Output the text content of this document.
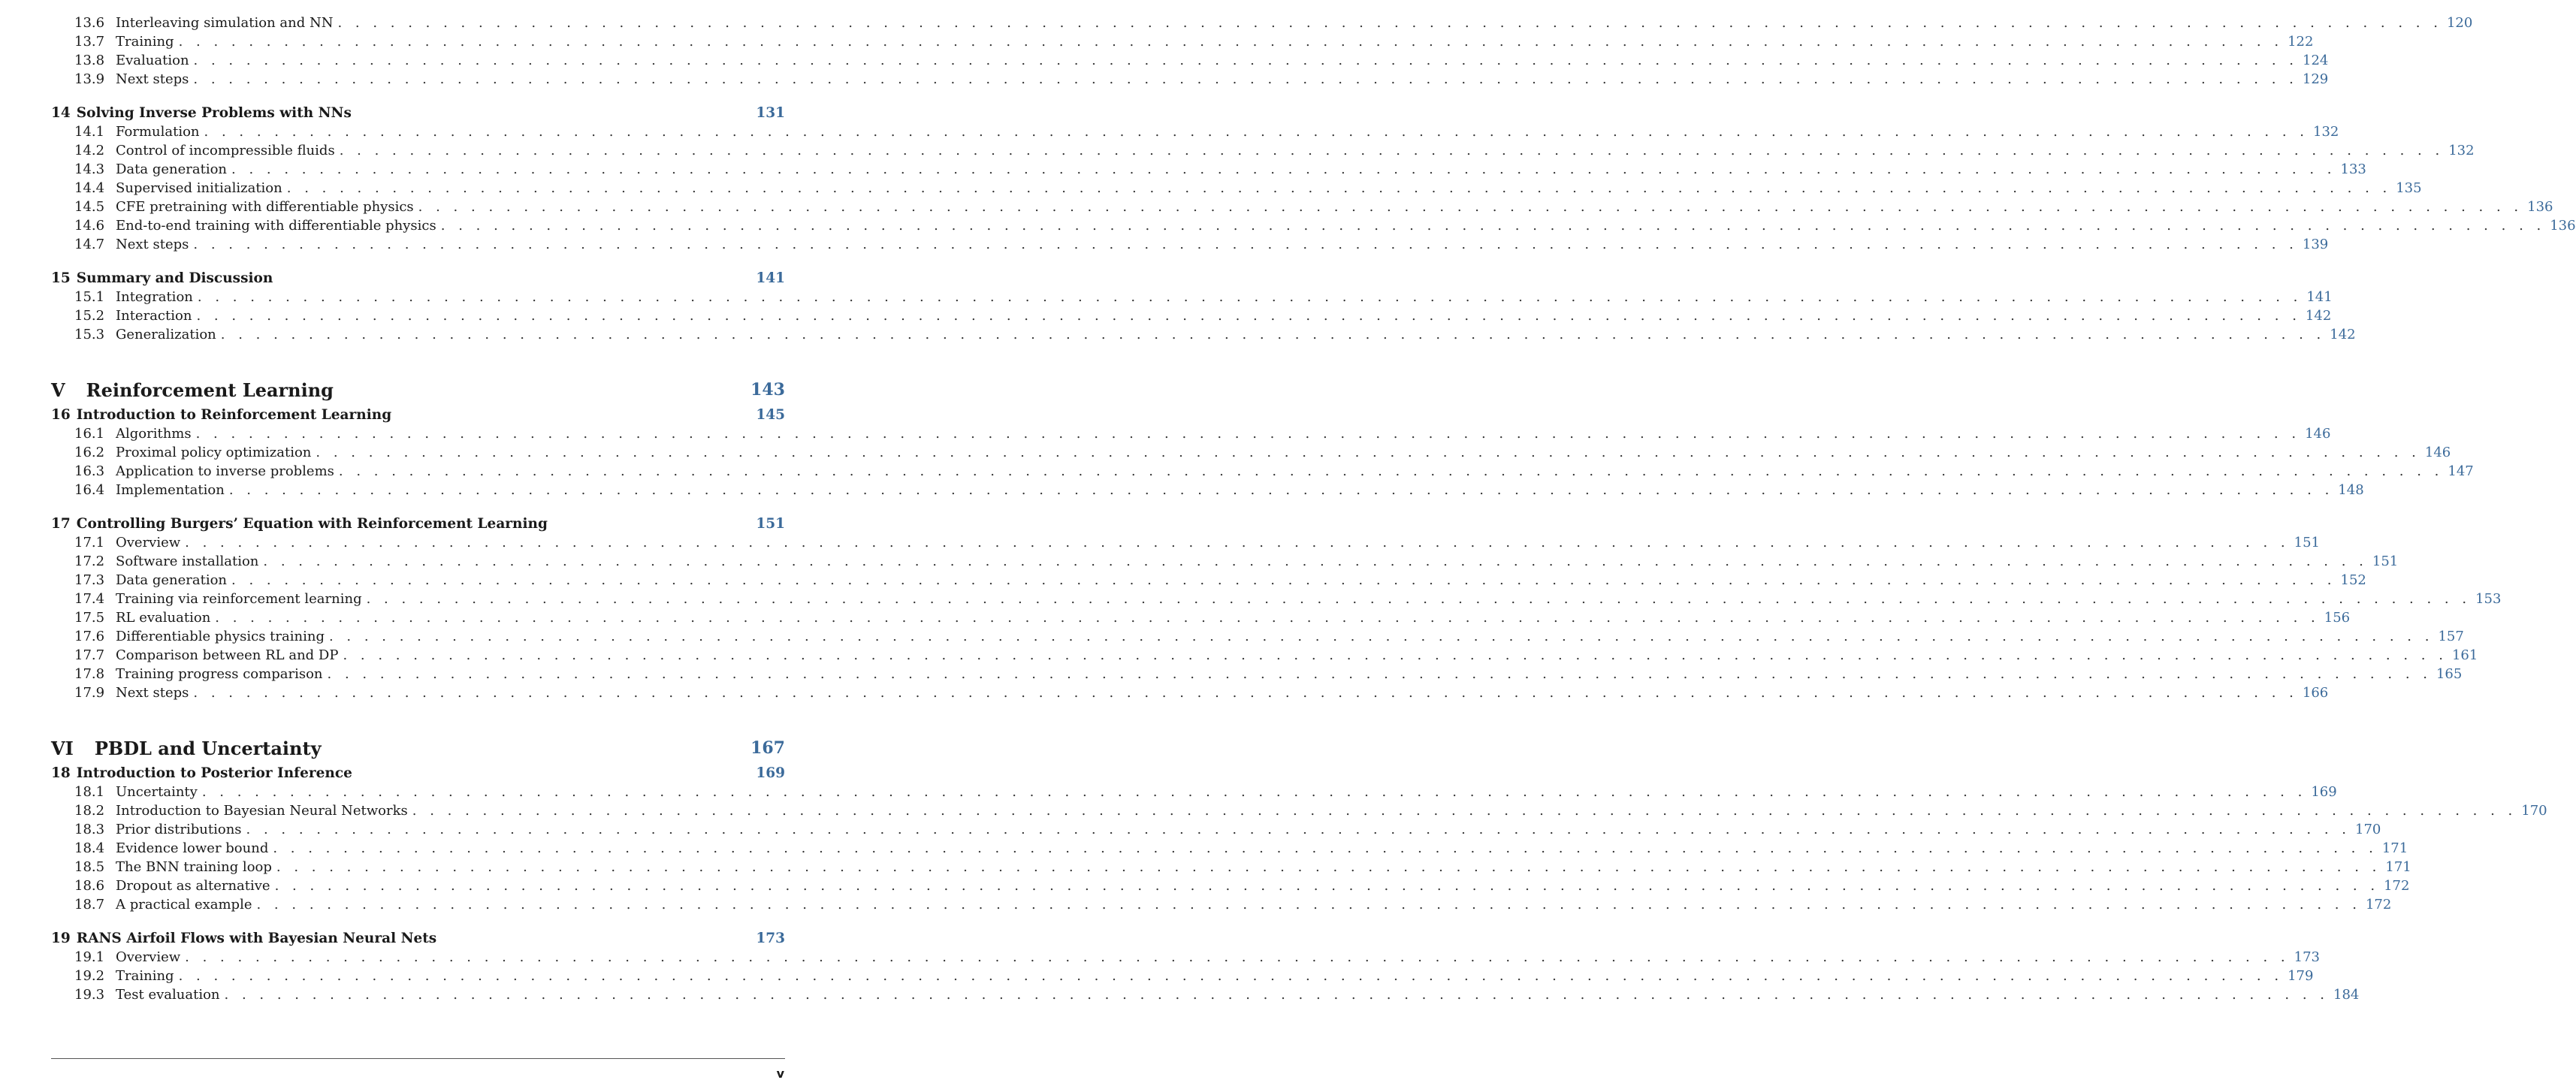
13.6 Interleaving simulation and NN . . . . . . . . . . . . . . . . . . . . . . . . . . . . . . . . . . . . . . . . . . . . . . . . . . . . . . . . . . . . . . . . . . . . . . . . . . . . . . . . . . . . . . . . . . . . . . . . . . . . . . . . . . . . . . . . . . . . . . . . 120
13.7 Training . . . . . . . . . . . . . . . . . . . . . . . . . . . . . . . . . . . . . . . . . . . . . . . . . . . . . . . . . . . . . . . . . . . . . . . . . . . . . . . . . . . . . . . . . . . . . . . . . . . . . . . . . . . . . . . . . . . . . . . . 122
13.8 Evaluation . . . . . . . . . . . . . . . . . . . . . . . . . . . . . . . . . . . . . . . . . . . . . . . . . . . . . . . . . . . . . . . . . . . . . . . . . . . . . . . . . . . . . . . . . . . . . . . . . . . . . . . . . . . . . . . . . . . . . . . . 124
13.9 Next steps . . . . . . . . . . . . . . . . . . . . . . . . . . . . . . . . . . . . . . . . . . . . . . . . . . . . . . . . . . . . . . . . . . . . . . . . . . . . . . . . . . . . . . . . . . . . . . . . . . . . . . . . . . . . . . . . . . . . . . . . 129
14 Solving Inverse Problems with NNs	131
14.1 Formulation . . . . . . . . . . . . . . . . . . . . . . . . . . . . . . . . . . . . . . . . . . . . . . . . . . . . . . . . . . . . . . . . . . . . . . . . . . . . . . . . . . . . . . . . . . . . . . . . . . . . . . . . . . . . . . . . . . . . . . . . 132
14.2 Control of incompressible fluids . . . . . . . . . . . . . . . . . . . . . . . . . . . . . . . . . . . . . . . . . . . . . . . . . . . . . . . . . . . . . . . . . . . . . . . . . . . . . . . . . . . . . . . . . . . . . . . . . . . . . . . . . . . . . . . . . . . . . . . . 132
14.3 Data generation . . . . . . . . . . . . . . . . . . . . . . . . . . . . . . . . . . . . . . . . . . . . . . . . . . . . . . . . . . . . . . . . . . . . . . . . . . . . . . . . . . . . . . . . . . . . . . . . . . . . . . . . . . . . . . . . . . . . . . . . 133
14.4 Supervised initialization . . . . . . . . . . . . . . . . . . . . . . . . . . . . . . . . . . . . . . . . . . . . . . . . . . . . . . . . . . . . . . . . . . . . . . . . . . . . . . . . . . . . . . . . . . . . . . . . . . . . . . . . . . . . . . . . . . . . . . . . 135
14.5 CFE pretraining with differentiable physics . . . . . . . . . . . . . . . . . . . . . . . . . . . . . . . . . . . . . . . . . . . . . . . . . . . . . . . . . . . . . . . . . . . . . . . . . . . . . . . . . . . . . . . . . . . . . . . . . . . . . . . . . . . . . . . . . . . . . . . . 136
14.6 End-to-end training with differentiable physics . . . . . . . . . . . . . . . . . . . . . . . . . . . . . . . . . . . . . . . . . . . . . . . . . . . . . . . . . . . . . . . . . . . . . . . . . . . . . . . . . . . . . . . . . . . . . . . . . . . . . . . . . . . . . . . . . . . . . . . . 136
14.7 Next steps . . . . . . . . . . . . . . . . . . . . . . . . . . . . . . . . . . . . . . . . . . . . . . . . . . . . . . . . . . . . . . . . . . . . . . . . . . . . . . . . . . . . . . . . . . . . . . . . . . . . . . . . . . . . . . . . . . . . . . . . 139
15 Summary and Discussion	141
15.1 Integration . . . . . . . . . . . . . . . . . . . . . . . . . . . . . . . . . . . . . . . . . . . . . . . . . . . . . . . . . . . . . . . . . . . . . . . . . . . . . . . . . . . . . . . . . . . . . . . . . . . . . . . . . . . . . . . . . . . . . . . . 141
15.2 Interaction . . . . . . . . . . . . . . . . . . . . . . . . . . . . . . . . . . . . . . . . . . . . . . . . . . . . . . . . . . . . . . . . . . . . . . . . . . . . . . . . . . . . . . . . . . . . . . . . . . . . . . . . . . . . . . . . . . . . . . . . 142
15.3 Generalization . . . . . . . . . . . . . . . . . . . . . . . . . . . . . . . . . . . . . . . . . . . . . . . . . . . . . . . . . . . . . . . . . . . . . . . . . . . . . . . . . . . . . . . . . . . . . . . . . . . . . . . . . . . . . . . . . . . . . . . . 142
V Reinforcement Learning	143
16 Introduction to Reinforcement Learning	145
16.1 Algorithms . . . . . . . . . . . . . . . . . . . . . . . . . . . . . . . . . . . . . . . . . . . . . . . . . . . . . . . . . . . . . . . . . . . . . . . . . . . . . . . . . . . . . . . . . . . . . . . . . . . . . . . . . . . . . . . . . . . . . . . . 146
16.2 Proximal policy optimization . . . . . . . . . . . . . . . . . . . . . . . . . . . . . . . . . . . . . . . . . . . . . . . . . . . . . . . . . . . . . . . . . . . . . . . . . . . . . . . . . . . . . . . . . . . . . . . . . . . . . . . . . . . . . . . . . . . . . . . . 146
16.3 Application to inverse problems . . . . . . . . . . . . . . . . . . . . . . . . . . . . . . . . . . . . . . . . . . . . . . . . . . . . . . . . . . . . . . . . . . . . . . . . . . . . . . . . . . . . . . . . . . . . . . . . . . . . . . . . . . . . . . . . . . . . . . . . 147
16.4 Implementation . . . . . . . . . . . . . . . . . . . . . . . . . . . . . . . . . . . . . . . . . . . . . . . . . . . . . . . . . . . . . . . . . . . . . . . . . . . . . . . . . . . . . . . . . . . . . . . . . . . . . . . . . . . . . . . . . . . . . . . . 148
17 Controlling Burgers’ Equation with Reinforcement Learning	151
17.1 Overview . . . . . . . . . . . . . . . . . . . . . . . . . . . . . . . . . . . . . . . . . . . . . . . . . . . . . . . . . . . . . . . . . . . . . . . . . . . . . . . . . . . . . . . . . . . . . . . . . . . . . . . . . . . . . . . . . . . . . . . . 151
17.2 Software installation . . . . . . . . . . . . . . . . . . . . . . . . . . . . . . . . . . . . . . . . . . . . . . . . . . . . . . . . . . . . . . . . . . . . . . . . . . . . . . . . . . . . . . . . . . . . . . . . . . . . . . . . . . . . . . . . . . . . . . . . 151
17.3 Data generation . . . . . . . . . . . . . . . . . . . . . . . . . . . . . . . . . . . . . . . . . . . . . . . . . . . . . . . . . . . . . . . . . . . . . . . . . . . . . . . . . . . . . . . . . . . . . . . . . . . . . . . . . . . . . . . . . . . . . . . . 152
17.4 Training via reinforcement learning . . . . . . . . . . . . . . . . . . . . . . . . . . . . . . . . . . . . . . . . . . . . . . . . . . . . . . . . . . . . . . . . . . . . . . . . . . . . . . . . . . . . . . . . . . . . . . . . . . . . . . . . . . . . . . . . . . . . . . . . 153
17.5 RL evaluation . . . . . . . . . . . . . . . . . . . . . . . . . . . . . . . . . . . . . . . . . . . . . . . . . . . . . . . . . . . . . . . . . . . . . . . . . . . . . . . . . . . . . . . . . . . . . . . . . . . . . . . . . . . . . . . . . . . . . . . . 156
17.6 Differentiable physics training . . . . . . . . . . . . . . . . . . . . . . . . . . . . . . . . . . . . . . . . . . . . . . . . . . . . . . . . . . . . . . . . . . . . . . . . . . . . . . . . . . . . . . . . . . . . . . . . . . . . . . . . . . . . . . . . . . . . . . . . 157
17.7 Comparison between RL and DP . . . . . . . . . . . . . . . . . . . . . . . . . . . . . . . . . . . . . . . . . . . . . . . . . . . . . . . . . . . . . . . . . . . . . . . . . . . . . . . . . . . . . . . . . . . . . . . . . . . . . . . . . . . . . . . . . . . . . . . . 161
17.8 Training progress comparison . . . . . . . . . . . . . . . . . . . . . . . . . . . . . . . . . . . . . . . . . . . . . . . . . . . . . . . . . . . . . . . . . . . . . . . . . . . . . . . . . . . . . . . . . . . . . . . . . . . . . . . . . . . . . . . . . . . . . . . . 165
17.9 Next steps . . . . . . . . . . . . . . . . . . . . . . . . . . . . . . . . . . . . . . . . . . . . . . . . . . . . . . . . . . . . . . . . . . . . . . . . . . . . . . . . . . . . . . . . . . . . . . . . . . . . . . . . . . . . . . . . . . . . . . . . 166
VI PBDL and Uncertainty	167
18 Introduction to Posterior Inference	169
18.1 Uncertainty . . . . . . . . . . . . . . . . . . . . . . . . . . . . . . . . . . . . . . . . . . . . . . . . . . . . . . . . . . . . . . . . . . . . . . . . . . . . . . . . . . . . . . . . . . . . . . . . . . . . . . . . . . . . . . . . . . . . . . . . 169
18.2 Introduction to Bayesian Neural Networks . . . . . . . . . . . . . . . . . . . . . . . . . . . . . . . . . . . . . . . . . . . . . . . . . . . . . . . . . . . . . . . . . . . . . . . . . . . . . . . . . . . . . . . . . . . . . . . . . . . . . . . . . . . . . . . . . . . . . . . . 170
18.3 Prior distributions . . . . . . . . . . . . . . . . . . . . . . . . . . . . . . . . . . . . . . . . . . . . . . . . . . . . . . . . . . . . . . . . . . . . . . . . . . . . . . . . . . . . . . . . . . . . . . . . . . . . . . . . . . . . . . . . . . . . . . . . 170
18.4 Evidence lower bound . . . . . . . . . . . . . . . . . . . . . . . . . . . . . . . . . . . . . . . . . . . . . . . . . . . . . . . . . . . . . . . . . . . . . . . . . . . . . . . . . . . . . . . . . . . . . . . . . . . . . . . . . . . . . . . . . . . . . . . . 171
18.5 The BNN training loop . . . . . . . . . . . . . . . . . . . . . . . . . . . . . . . . . . . . . . . . . . . . . . . . . . . . . . . . . . . . . . . . . . . . . . . . . . . . . . . . . . . . . . . . . . . . . . . . . . . . . . . . . . . . . . . . . . . . . . . . 171
18.6 Dropout as alternative . . . . . . . . . . . . . . . . . . . . . . . . . . . . . . . . . . . . . . . . . . . . . . . . . . . . . . . . . . . . . . . . . . . . . . . . . . . . . . . . . . . . . . . . . . . . . . . . . . . . . . . . . . . . . . . . . . . . . . . . 172
18.7 A practical example . . . . . . . . . . . . . . . . . . . . . . . . . . . . . . . . . . . . . . . . . . . . . . . . . . . . . . . . . . . . . . . . . . . . . . . . . . . . . . . . . . . . . . . . . . . . . . . . . . . . . . . . . . . . . . . . . . . . . . . . 172
19 RANS Airfoil Flows with Bayesian Neural Nets	173
19.1 Overview . . . . . . . . . . . . . . . . . . . . . . . . . . . . . . . . . . . . . . . . . . . . . . . . . . . . . . . . . . . . . . . . . . . . . . . . . . . . . . . . . . . . . . . . . . . . . . . . . . . . . . . . . . . . . . . . . . . . . . . . 173
19.2 Training . . . . . . . . . . . . . . . . . . . . . . . . . . . . . . . . . . . . . . . . . . . . . . . . . . . . . . . . . . . . . . . . . . . . . . . . . . . . . . . . . . . . . . . . . . . . . . . . . . . . . . . . . . . . . . . . . . . . . . . . 179
19.3 Test evaluation . . . . . . . . . . . . . . . . . . . . . . . . . . . . . . . . . . . . . . . . . . . . . . . . . . . . . . . . . . . . . . . . . . . . . . . . . . . . . . . . . . . . . . . . . . . . . . . . . . . . . . . . . . . . . . . . . . . . . . . . 184
v
